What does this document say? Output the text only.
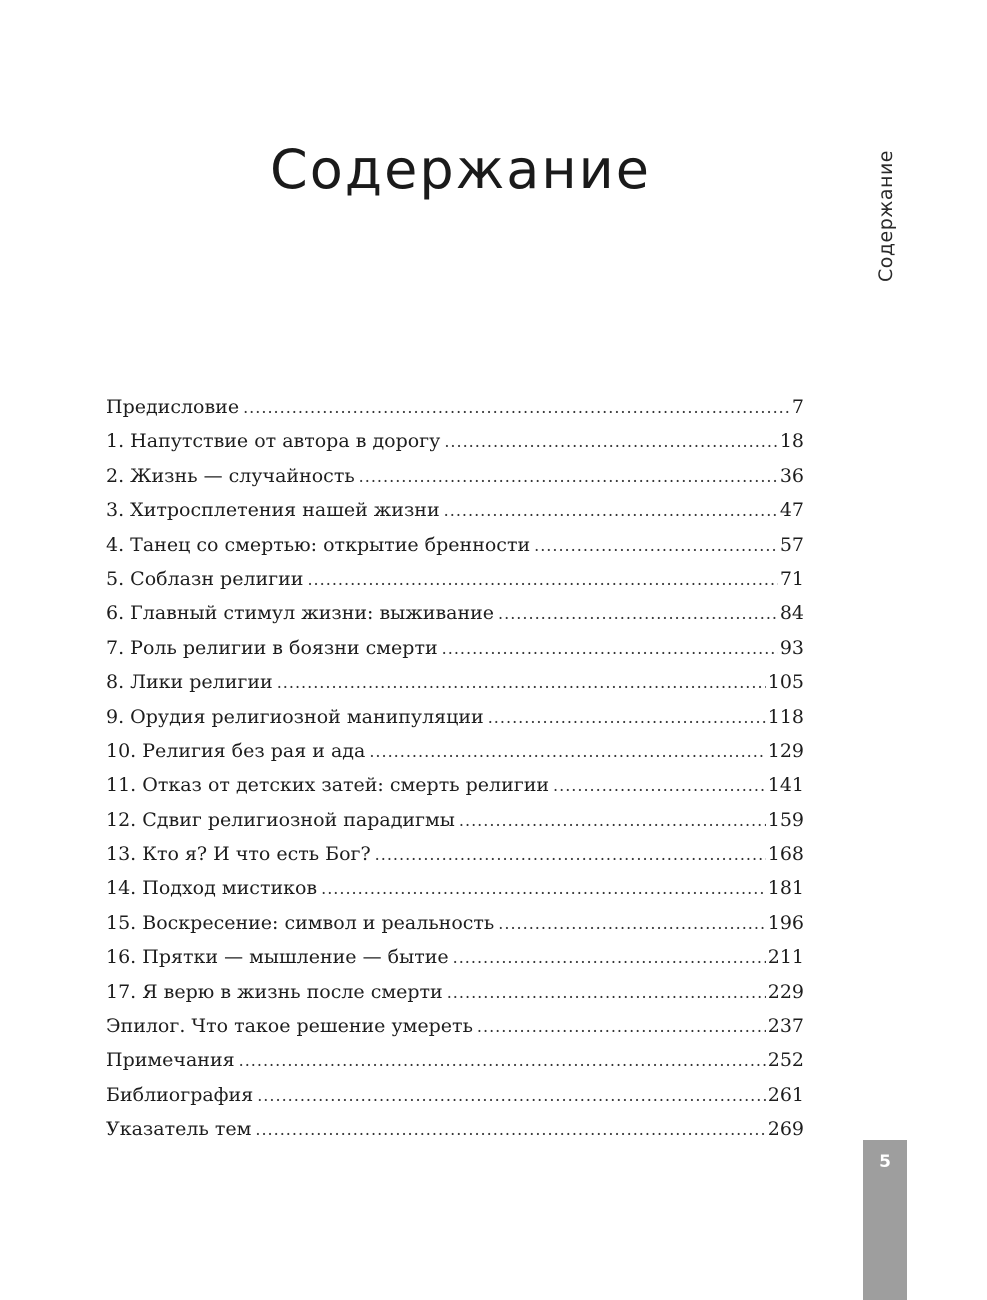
Содержание	Содержание
Предисловие .....	7
1. Напутствие от автора в дорогу .....	18
2. Жизнь — случайность .....	36
3. Хитросплетения нашей жизни .....	47
4. Танец со смертью: открытие бренности .....	57
5. Соблазн религии .....	71
6. Главный стимул жизни: выживание .....	84
7. Роль религии в боязни смерти .....	93
8. Лики религии .....	105
9. Орудия религиозной манипуляции .....	118
10. Религия без рая и ада .....	129
11. Отказ от детских затей: смерть религии .....	141
12. Сдвиг религиозной парадигмы .....	159
13. Кто я? И что есть Бог? .....	168
14. Подход мистиков .....	181
15. Воскресение: символ и реальность .....	196
16. Прятки — мышление — бытие .....	211
17. Я верю в жизнь после смерти .....	229
Эпилог. Что такое решение умереть .....	237
Примечания .....	252
Библиография .....	261
Указатель тем .....	269
5
